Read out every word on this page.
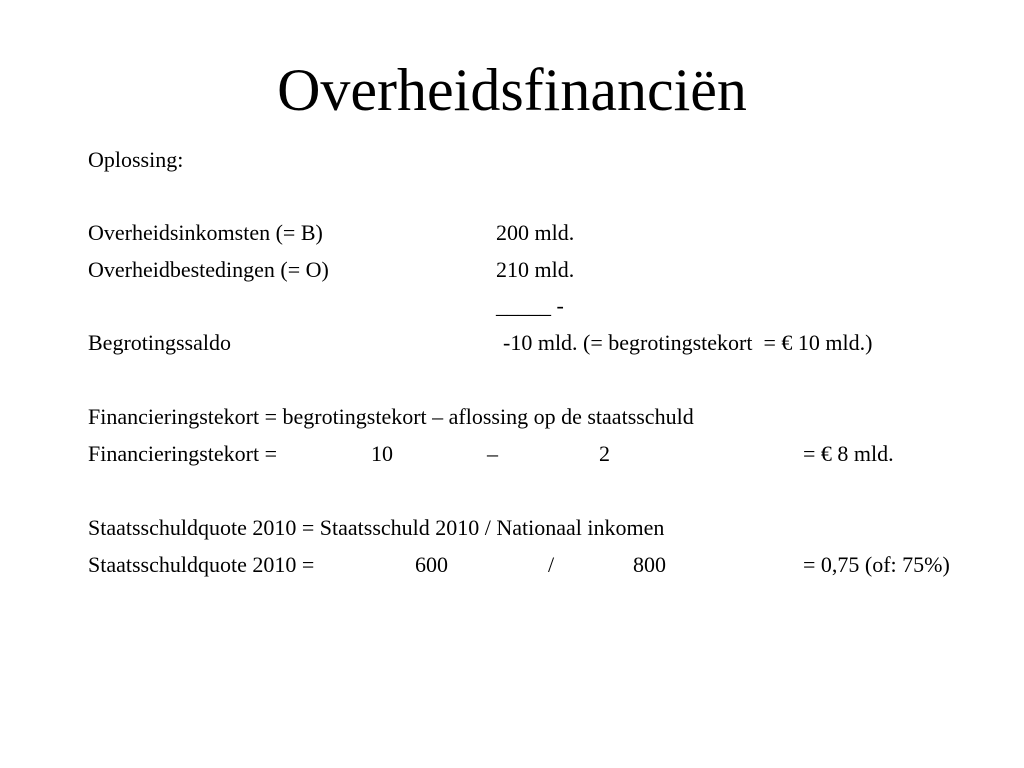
Overheidsfinanciën
Oplossing:
Overheidsinkomsten (= B)	200 mld.
Overheidbestedingen (= O)	210 mld.
_____ -
Begrotingssaldo	-10 mld. (= begrotingstekort  = € 10 mld.)
Financieringstekort = begrotingstekort – aflossing op de staatsschuld
Financieringstekort =	10	–	2	= € 8 mld.
Staatsschuldquote 2010 = Staatsschuld 2010 / Nationaal inkomen
Staatsschuldquote 2010 =	600	/	800	= 0,75 (of: 75%)
